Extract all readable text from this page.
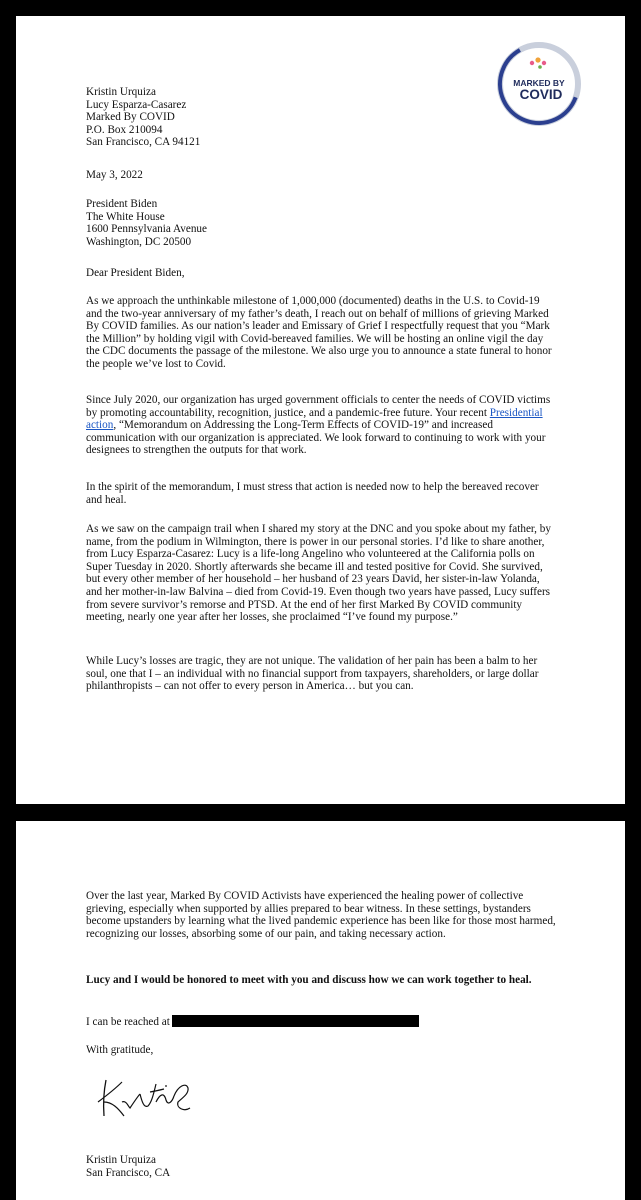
MARKED BY
COVID

Kristin Urquiza

Lucy Esparza-Casarez

Marked By COVID

P.O. Box 210094

San Francisco, CA 94121

May 3, 2022

President Biden

The White House

1600 Pennsylvania Avenue

Washington, DC 20500

Dear President Biden,

As we approach the unthinkable milestone of 1,000,000 (documented) deaths in the U.S. to Covid-19 and the two-year anniversary of my father’s death, I reach out on behalf of millions of grieving Marked By COVID families. As our nation’s leader and Emissary of Grief I respectfully request that you “Mark the Million” by holding vigil with Covid-bereaved families. We will be hosting an online vigil the day the CDC documents the passage of the milestone. We also urge you to announce a state funeral to honor the people we’ve lost to Covid.

Since July 2020, our organization has urged government officials to center the needs of COVID victims by promoting accountability, recognition, justice, and a pandemic-free future. Your recent Presidential action, “Memorandum on Addressing the Long-Term Effects of COVID-19” and increased communication with our organization is appreciated. We look forward to continuing to work with your designees to strengthen the outputs for that work.

In the spirit of the memorandum, I must stress that action is needed now to help the bereaved recover and heal.

As we saw on the campaign trail when I shared my story at the DNC and you spoke about my father, by name, from the podium in Wilmington, there is power in our personal stories. I’d like to share another, from Lucy Esparza-Casarez: Lucy is a life-long Angelino who volunteered at the California polls on Super Tuesday in 2020. Shortly afterwards she became ill and tested positive for Covid. She survived, but every other member of her household – her husband of 23 years David, her sister-in-law Yolanda, and her mother-in-law Balvina – died from Covid-19. Even though two years have passed, Lucy suffers from severe survivor’s remorse and PTSD. At the end of her first Marked By COVID community meeting, nearly one year after her losses, she proclaimed “I’ve found my purpose.”

While Lucy’s losses are tragic, they are not unique. The validation of her pain has been a balm to her soul, one that I – an individual with no financial support from taxpayers, shareholders, or large dollar philanthropists – can not offer to every person in America… but you can.

Over the last year, Marked By COVID Activists have experienced the healing power of collective grieving, especially when supported by allies prepared to bear witness. In these settings, bystanders become upstanders by learning what the lived pandemic experience has been like for those most harmed, recognizing our losses, absorbing some of our pain, and taking necessary action.

Lucy and I would be honored to meet with you and discuss how we can work together to heal.

I can be reached at

With gratitude,

Kristin Urquiza

San Francisco, CA
